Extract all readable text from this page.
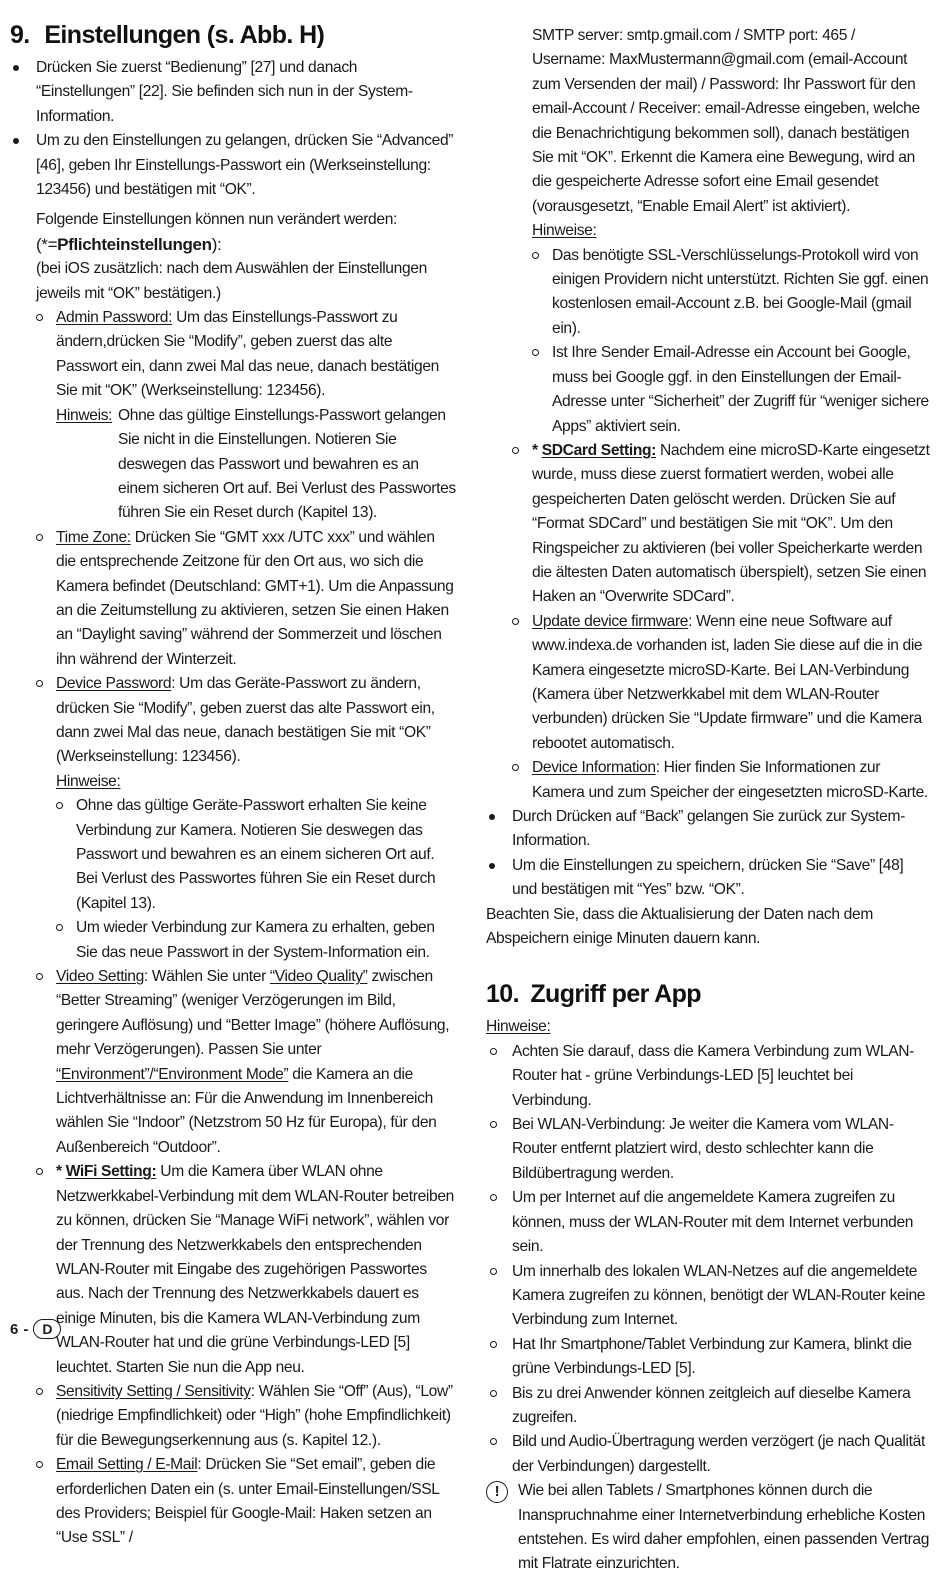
9. Einstellungen (s. Abb. H)

Drücken Sie zuerst “Bedienung” [27] und danach “Einstellungen” [22]. Sie befinden sich nun in der System-Information.

Um zu den Einstellungen zu gelangen, drücken Sie “Advanced” [46], geben Ihr Einstellungs-Passwort ein (Werkseinstellung: 123456) und bestätigen mit “OK”.

Folgende Einstellungen können nun verändert werden:

(*=Pflichteinstellungen):

(bei iOS zusätzlich: nach dem Auswählen der Einstellungen jeweils mit “OK” bestätigen.)

Admin Password: Um das Einstellungs-Passwort zu ändern,drücken Sie “Modify”, geben zuerst das alte Passwort ein, dann zwei Mal das neue, danach bestätigen Sie mit “OK” (Werkseinstellung: 123456).

Hinweis: Ohne das gültige Einstellungs-Passwort gelangen Sie nicht in die Einstellungen. Notieren Sie deswegen das Passwort und bewahren es an einem sicheren Ort auf. Bei Verlust des Passwortes führen Sie ein Reset durch (Kapitel 13).

Time Zone: Drücken Sie “GMT xxx /UTC xxx” und wählen die entsprechende Zeitzone für den Ort aus, wo sich die Kamera befindet (Deutschland: GMT+1). Um die Anpassung an die Zeitumstellung zu aktivieren, setzen Sie einen Haken an “Daylight saving” während der Sommerzeit und löschen ihn während der Winterzeit.

Device Password: Um das Geräte-Passwort zu ändern, drücken Sie “Modify”, geben zuerst das alte Passwort ein, dann zwei Mal das neue, danach bestätigen Sie mit “OK” (Werkseinstellung: 123456).

Hinweise:

Ohne das gültige Geräte-Passwort erhalten Sie keine Verbindung zur Kamera. Notieren Sie deswegen das Passwort und bewahren es an einem sicheren Ort auf. Bei Verlust des Passwortes führen Sie ein Reset durch (Kapitel 13).

Um wieder Verbindung zur Kamera zu erhalten, geben Sie das neue Passwort in der System-Information ein.

Video Setting: Wählen Sie unter “Video Quality” zwischen “Better Streaming” (weniger Verzögerungen im Bild, geringere Auflösung) und “Better Image” (höhere Auflösung, mehr Verzögerungen). Passen Sie unter “Environment”/“Environment Mode” die Kamera an die Lichtverhältnisse an: Für die Anwendung im Innenbereich wählen Sie “Indoor” (Netzstrom 50 Hz für Europa), für den Außenbereich “Outdoor”.

* WiFi Setting: Um die Kamera über WLAN ohne Netzwerkkabel-Verbindung mit dem WLAN-Router betreiben zu können, drücken Sie “Manage WiFi network”, wählen vor der Trennung des Netzwerkkabels den entsprechenden WLAN-Router mit Eingabe des zugehörigen Passwortes aus. Nach der Trennung des Netzwerkkabels dauert es einige Minuten, bis die Kamera WLAN-Verbindung zum WLAN-Router hat und die grüne Verbindungs-LED [5] leuchtet. Starten Sie nun die App neu.

Sensitivity Setting / Sensitivity: Wählen Sie “Off” (Aus), “Low” (niedrige Empfindlichkeit) oder “High” (hohe Empfindlichkeit) für die Bewegungserkennung aus (s. Kapitel 12.).

Email Setting / E-Mail: Drücken Sie “Set email”, geben die erforderlichen Daten ein (s. unter Email-Einstellungen/SSL des Providers; Beispiel für Google-Mail: Haken setzen an “Use SSL” /

SMTP server: smtp.gmail.com / SMTP port: 465 / Username: MaxMustermann@gmail.com (email-Account zum Versenden der mail) / Password: Ihr Passwort für den email-Account / Receiver: email-Adresse eingeben, welche die Benachrichtigung bekommen soll), danach bestätigen Sie mit “OK”. Erkennt die Kamera eine Bewegung, wird an die gespeicherte Adresse sofort eine Email gesendet (vorausgesetzt, “Enable Email Alert” ist aktiviert).

Hinweise:

Das benötigte SSL-Verschlüsselungs-Protokoll wird von einigen Providern nicht unterstützt. Richten Sie ggf. einen kostenlosen email-Account z.B. bei Google-Mail (gmail ein).

Ist Ihre Sender Email-Adresse ein Account bei Google, muss bei Google ggf. in den Einstellungen der Email-Adresse unter “Sicherheit” der Zugriff für “weniger sichere Apps” aktiviert sein.

* SDCard Setting: Nachdem eine microSD-Karte eingesetzt wurde, muss diese zuerst formatiert werden, wobei alle gespeicherten Daten gelöscht werden. Drücken Sie auf “Format SDCard” und bestätigen Sie mit “OK”. Um den Ringspeicher zu aktivieren (bei voller Speicherkarte werden die ältesten Daten automatisch überspielt), setzen Sie einen Haken an “Overwrite SDCard”.

Update device firmware: Wenn eine neue Software auf www.indexa.de vorhanden ist, laden Sie diese auf die in die Kamera eingesetzte microSD-Karte. Bei LAN-Verbindung (Kamera über Netzwerkkabel mit dem WLAN-Router verbunden) drücken Sie “Update firmware” und die Kamera rebootet automatisch.

Device Information: Hier finden Sie Informationen zur Kamera und zum Speicher der eingesetzten microSD-Karte.

Durch Drücken auf “Back” gelangen Sie zurück zur System-Information.

Um die Einstellungen zu speichern, drücken Sie “Save” [48] und bestätigen mit “Yes” bzw. “OK”.

Beachten Sie, dass die Aktualisierung der Daten nach dem Abspeichern einige Minuten dauern kann.

10. Zugriff per App

Hinweise:

Achten Sie darauf, dass die Kamera Verbindung zum WLAN-Router hat - grüne Verbindungs-LED [5] leuchtet bei Verbindung.

Bei WLAN-Verbindung: Je weiter die Kamera vom WLAN-Router entfernt platziert wird, desto schlechter kann die Bildübertragung werden.

Um per Internet auf die angemeldete Kamera zugreifen zu können, muss der WLAN-Router mit dem Internet verbunden sein.

Um innerhalb des lokalen WLAN-Netzes auf die angemeldete Kamera zugreifen zu können, benötigt der WLAN-Router keine Verbindung zum Internet.

Hat Ihr Smartphone/Tablet Verbindung zur Kamera, blinkt die grüne Verbindungs-LED [5].

Bis zu drei Anwender können zeitgleich auf dieselbe Kamera zugreifen.

Bild und Audio-Übertragung werden verzögert (je nach Qualität der Verbindungen) dargestellt.

!	Wie bei allen Tablets / Smartphones können durch die Inanspruchnahme einer Internetverbindung erhebliche Kosten entstehen. Es wird daher empfohlen, einen passenden Vertrag mit Flatrate einzurichten.
6 -	D
